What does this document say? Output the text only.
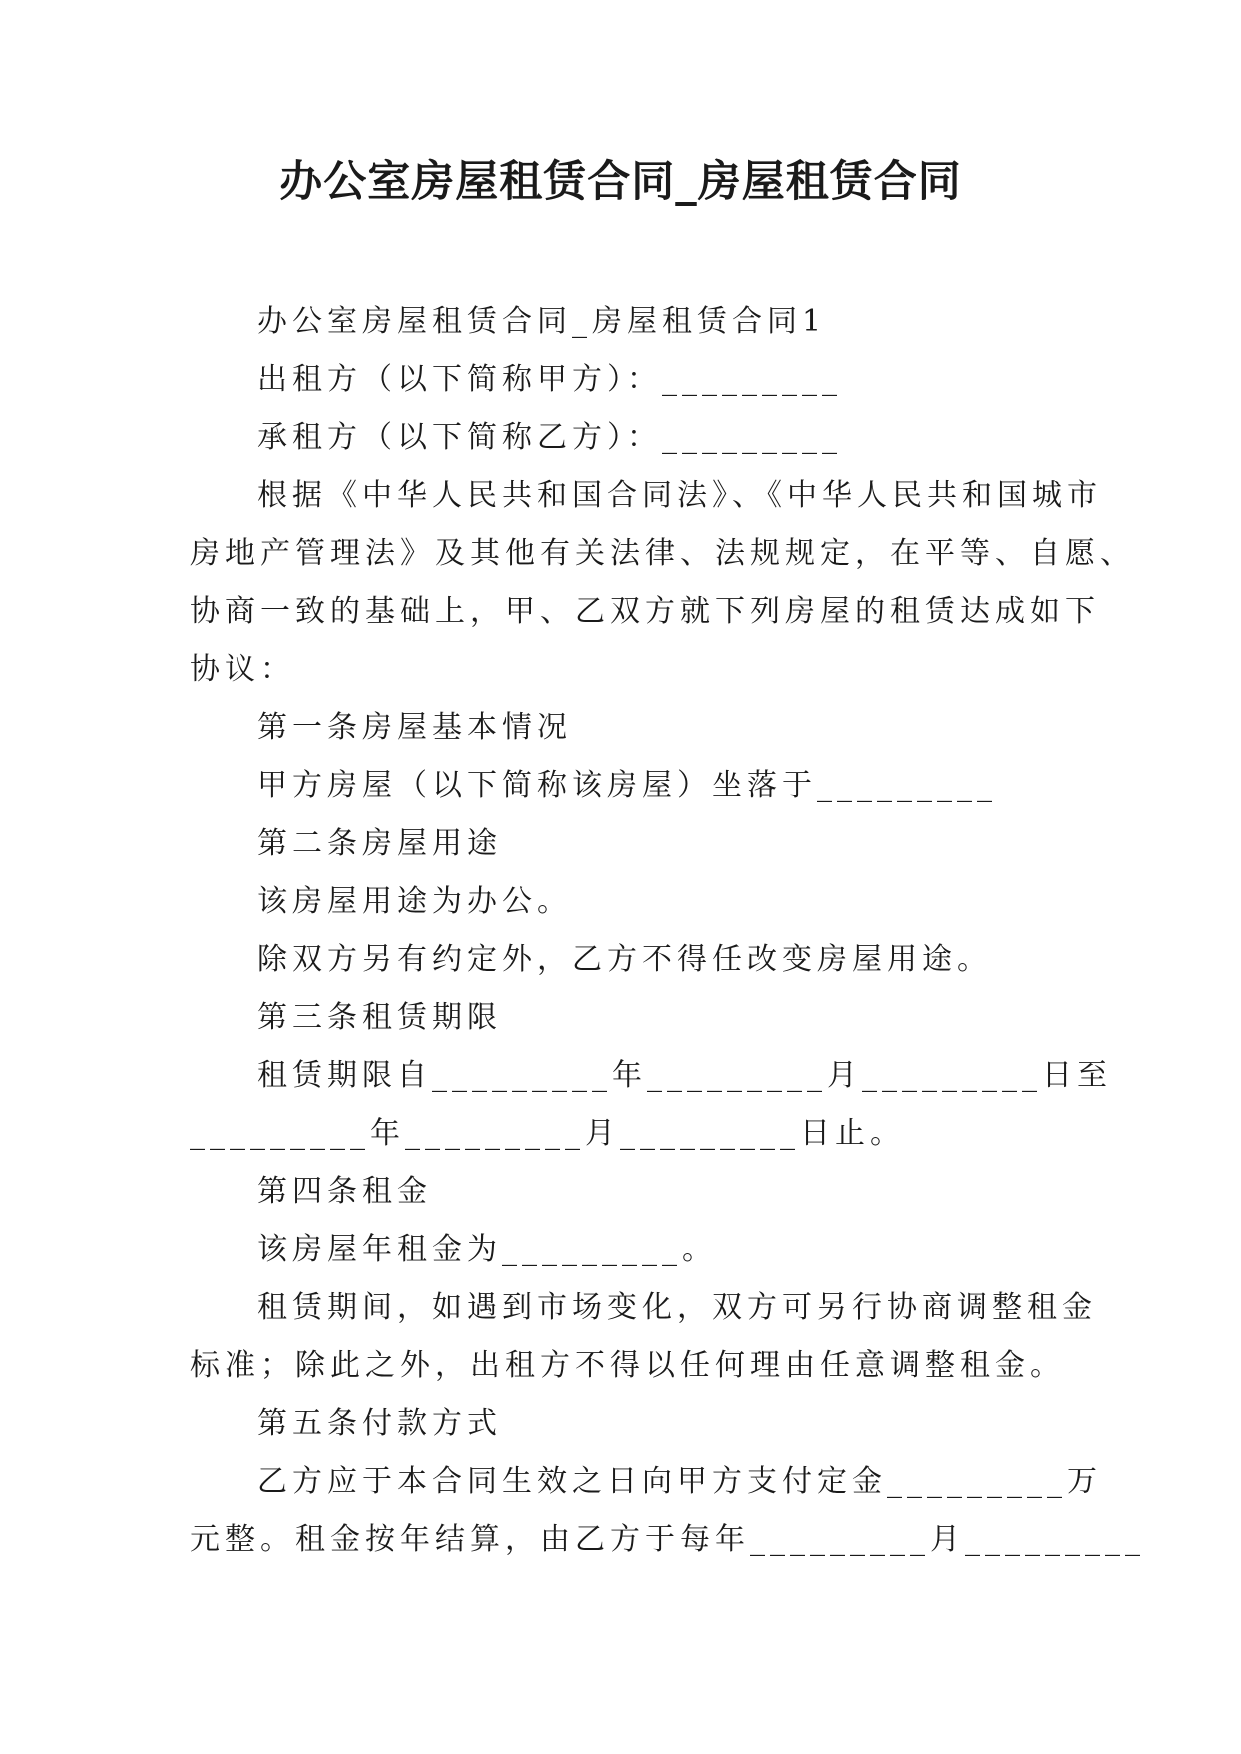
办公室房屋租赁合同_房屋租赁合同

办公室房屋租赁合同_房屋租赁合同1

出租方（以下简称甲方）：_________

承租方（以下简称乙方）：_________

根据《中华人民共和国合同法》、《中华人民共和国城市

房地产管理法》及其他有关法律、法规规定，在平等、自愿、

协商一致的基础上，甲、乙双方就下列房屋的租赁达成如下

协议：

第一条房屋基本情况

甲方房屋（以下简称该房屋）坐落于_________

第二条房屋用途

该房屋用途为办公。

除双方另有约定外，乙方不得任改变房屋用途。

第三条租赁期限

租赁期限自_________年_________月_________日至

_________年_________月_________日止。

第四条租金

该房屋年租金为_________。

租赁期间，如遇到市场变化，双方可另行协商调整租金

标准；除此之外，出租方不得以任何理由任意调整租金。

第五条付款方式

乙方应于本合同生效之日向甲方支付定金_________万

元整。租金按年结算，由乙方于每年_________月_________
